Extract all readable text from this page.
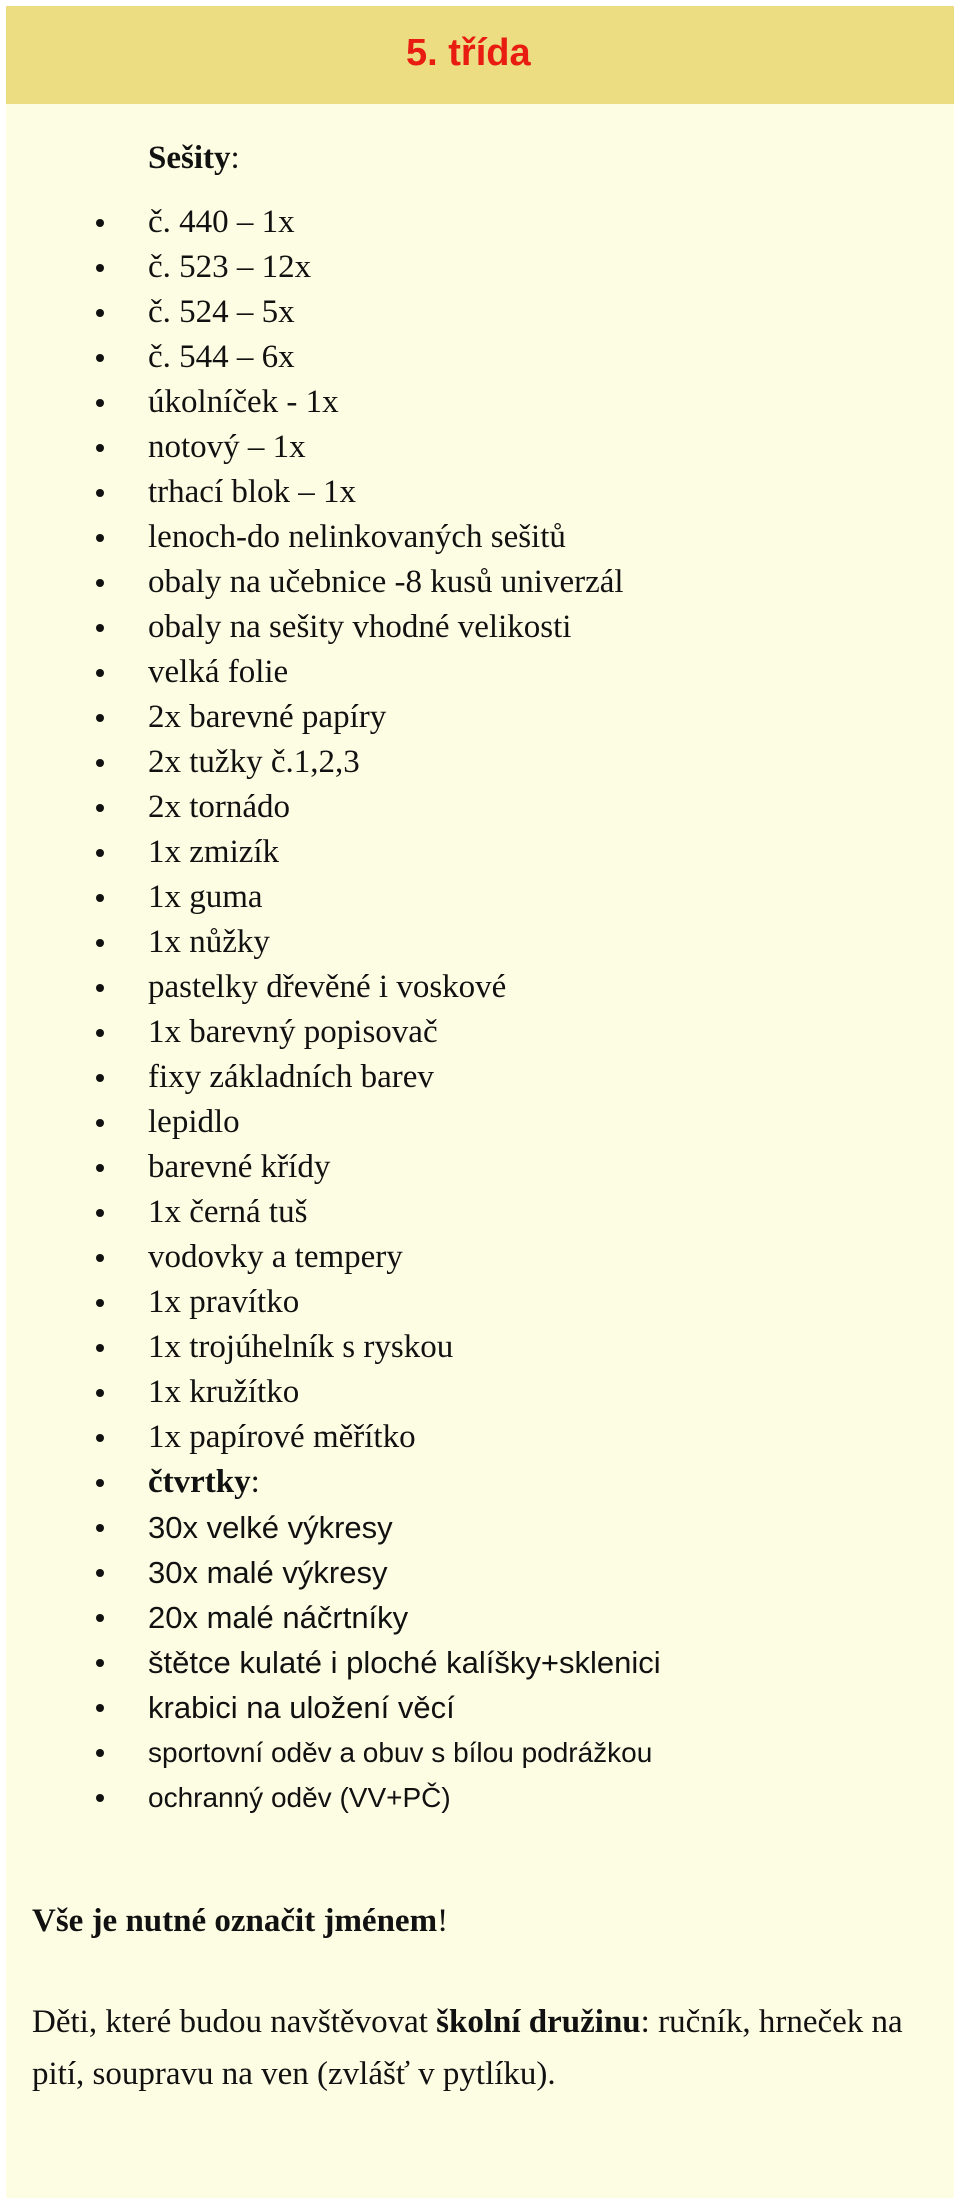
5. třída

Sešity:

č. 440 – 1x
č. 523 – 12x
č. 524 – 5x
č. 544 – 6x
úkolníček - 1x
notový – 1x
trhací blok – 1x
lenoch-do nelinkovaných sešitů
obaly na učebnice -8 kusů univerzál
obaly na sešity vhodné velikosti
velká folie
2x barevné papíry
2x tužky č.1,2,3
2x tornádo
1x zmizík
1x guma
1x nůžky
pastelky dřevěné i voskové
1x barevný popisovač
fixy základních barev
lepidlo
barevné křídy
1x černá tuš
vodovky a tempery
1x pravítko
1x trojúhelník s ryskou
1x kružítko
1x papírové měřítko
čtvrtky:
30x velké výkresy
30x malé výkresy
20x malé náčrtníky
štětce kulaté i ploché kalíšky+sklenici
krabici na uložení věcí
sportovní oděv a obuv s bílou podrážkou
ochranný oděv (VV+PČ)

Vše je nutné označit jménem!

Děti, které budou navštěvovat školní družinu: ručník, hrneček na pití, soupravu na ven (zvlášť v pytlíku).
